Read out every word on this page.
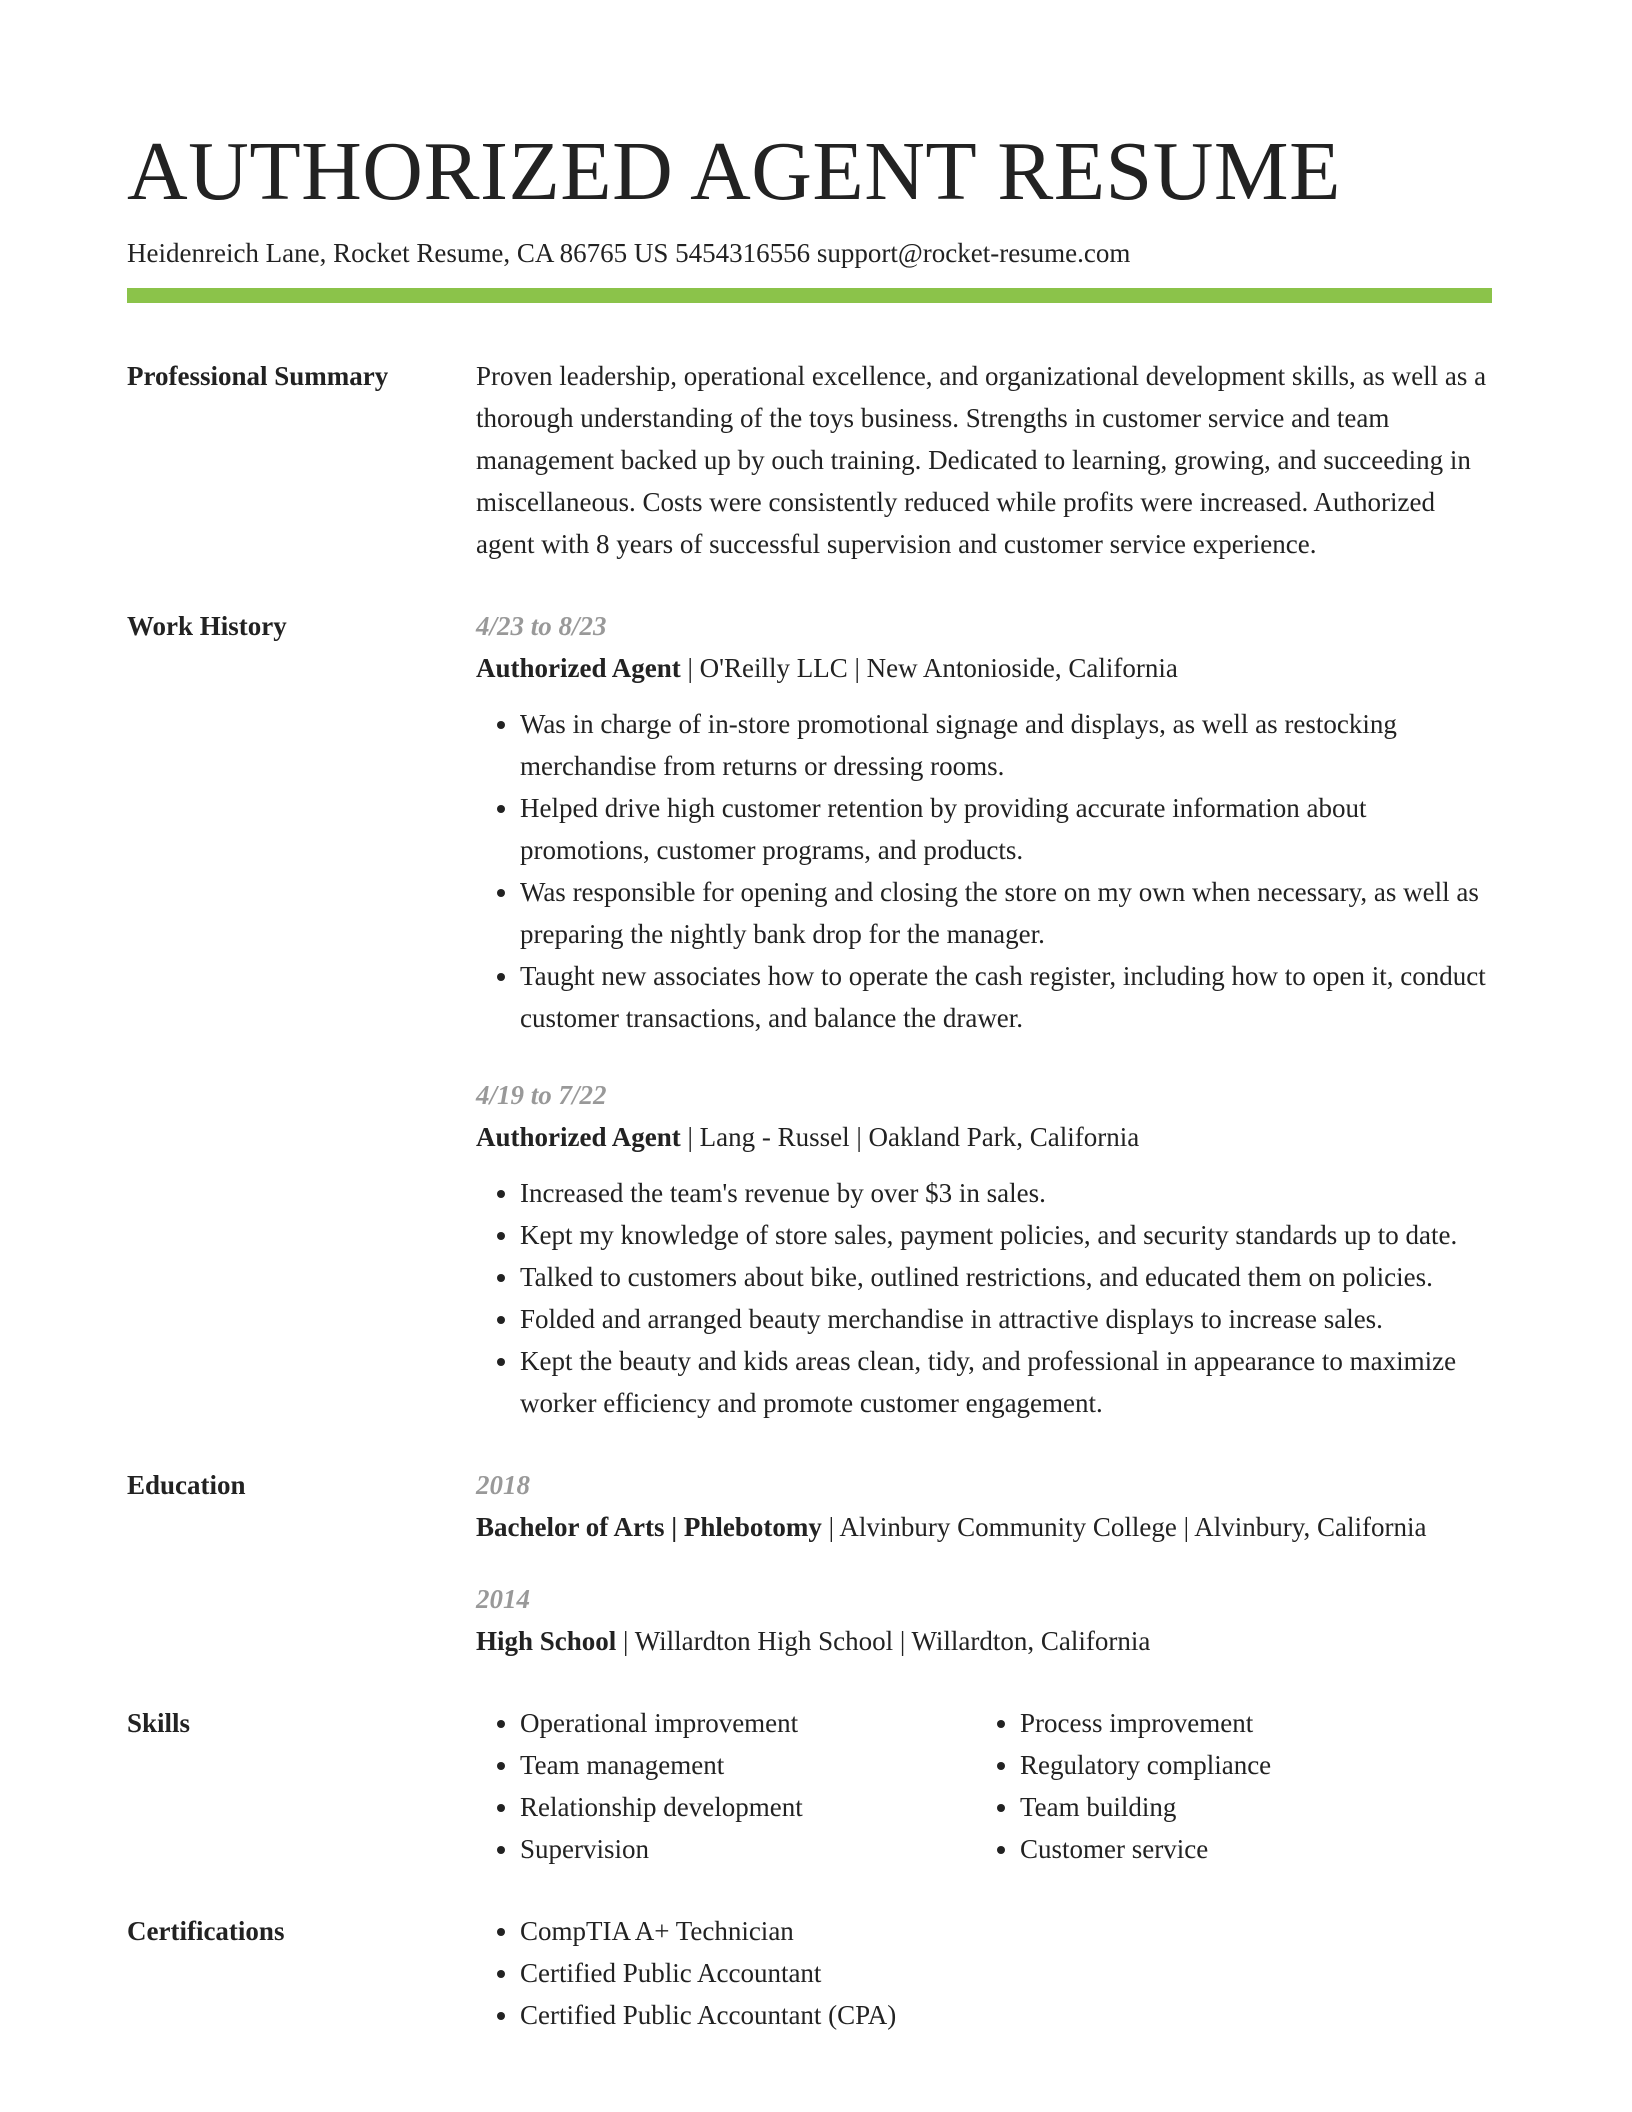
AUTHORIZED AGENT RESUME
Heidenreich Lane, Rocket Resume, CA 86765 US 5454316556 support@rocket-resume.com
Professional Summary	Proven leadership, operational excellence, and organizational development skills, as well as a thorough understanding of the toys business. Strengths in customer service and team management backed up by ouch training. Dedicated to learning, growing, and succeeding in miscellaneous. Costs were consistently reduced while profits were increased. Authorized agent with 8 years of successful supervision and customer service experience.

Work History	4/23 to 8/23
Authorized Agent | O'Reilly LLC | New Antonioside, California
• Was in charge of in-store promotional signage and displays, as well as restocking merchandise from returns or dressing rooms.
• Helped drive high customer retention by providing accurate information about promotions, customer programs, and products.
• Was responsible for opening and closing the store on my own when necessary, as well as preparing the nightly bank drop for the manager.
• Taught new associates how to operate the cash register, including how to open it, conduct customer transactions, and balance the drawer.
4/19 to 7/22
Authorized Agent | Lang - Russel | Oakland Park, California
• Increased the team's revenue by over $3 in sales.
• Kept my knowledge of store sales, payment policies, and security standards up to date.
• Talked to customers about bike, outlined restrictions, and educated them on policies.
• Folded and arranged beauty merchandise in attractive displays to increase sales.
• Kept the beauty and kids areas clean, tidy, and professional in appearance to maximize worker efficiency and promote customer engagement.
Education	2018
Bachelor of Arts | Phlebotomy | Alvinbury Community College | Alvinbury, California
2014
High School | Willardton High School | Willardton, California
Skills	• Operational improvement
• Team management
• Relationship development
• Supervision
• Process improvement
• Regulatory compliance
• Team building
• Customer service
Certifications	• CompTIA A+ Technician
• Certified Public Accountant
• Certified Public Accountant (CPA)
